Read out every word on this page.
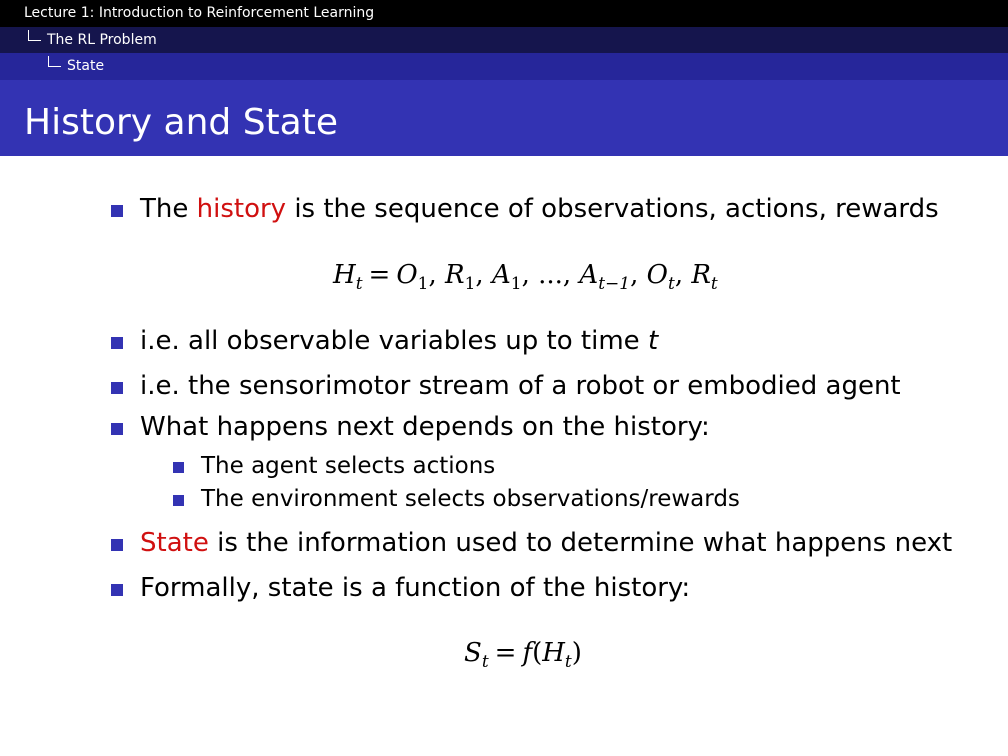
Lecture 1: Introduction to Reinforcement Learning
The RL Problem
State
History and State
The history is the sequence of observations, actions, rewards
$H_t = O_1$, $R_1$, $A_1$, ..., $A_{t-1}$, $O_t$, $R_t$
i.e. all observable variables up to time t
i.e. the sensorimotor stream of a robot or embodied agent
What happens next depends on the history:
The agent selects actions
The environment selects observations/rewards
State is the information used to determine what happens next
Formally, state is a function of the history:
$S_t = f(H_t)$
